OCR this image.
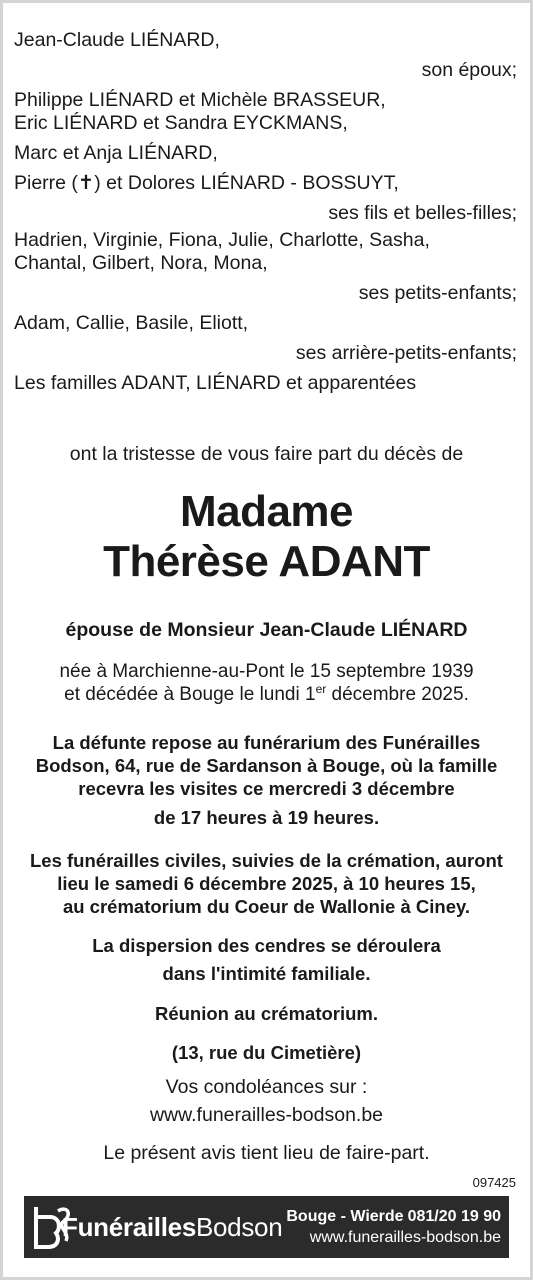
Jean-Claude LIÉNARD,
son époux;
Philippe LIÉNARD et Michèle BRASSEUR,
Eric LIÉNARD et Sandra EYCKMANS,
Marc et Anja LIÉNARD,
Pierre (✝) et Dolores LIÉNARD - BOSSUYT,
ses fils et belles-filles;
Hadrien, Virginie, Fiona, Julie, Charlotte, Sasha,
Chantal, Gilbert, Nora, Mona,
ses petits-enfants;
Adam, Callie, Basile, Eliott,
ses arrière-petits-enfants;
Les familles ADANT, LIÉNARD et apparentées
ont la tristesse de vous faire part du décès de
Madame
Thérèse ADANT
épouse de Monsieur Jean-Claude LIÉNARD
née à Marchienne-au-Pont le 15 septembre 1939
et décédée à Bouge le lundi 1er décembre 2025.
La défunte repose au funérarium des Funérailles
Bodson, 64, rue de Sardanson à Bouge, où la famille
recevra les visites ce mercredi 3 décembre
de 17 heures à 19 heures.
Les funérailles civiles, suivies de la crémation, auront
lieu le samedi 6 décembre 2025, à 10 heures 15,
au crématorium du Coeur de Wallonie à Ciney.
La dispersion des cendres se déroulera
dans l'intimité familiale.
Réunion au crématorium.
(13, rue du Cimetière)
Vos condoléances sur :
www.funerailles-bodson.be
Le présent avis tient lieu de faire-part.
097425
FunéraillesBodson Bouge - Wierde 081/20 19 90
www.funerailles-bodson.be
